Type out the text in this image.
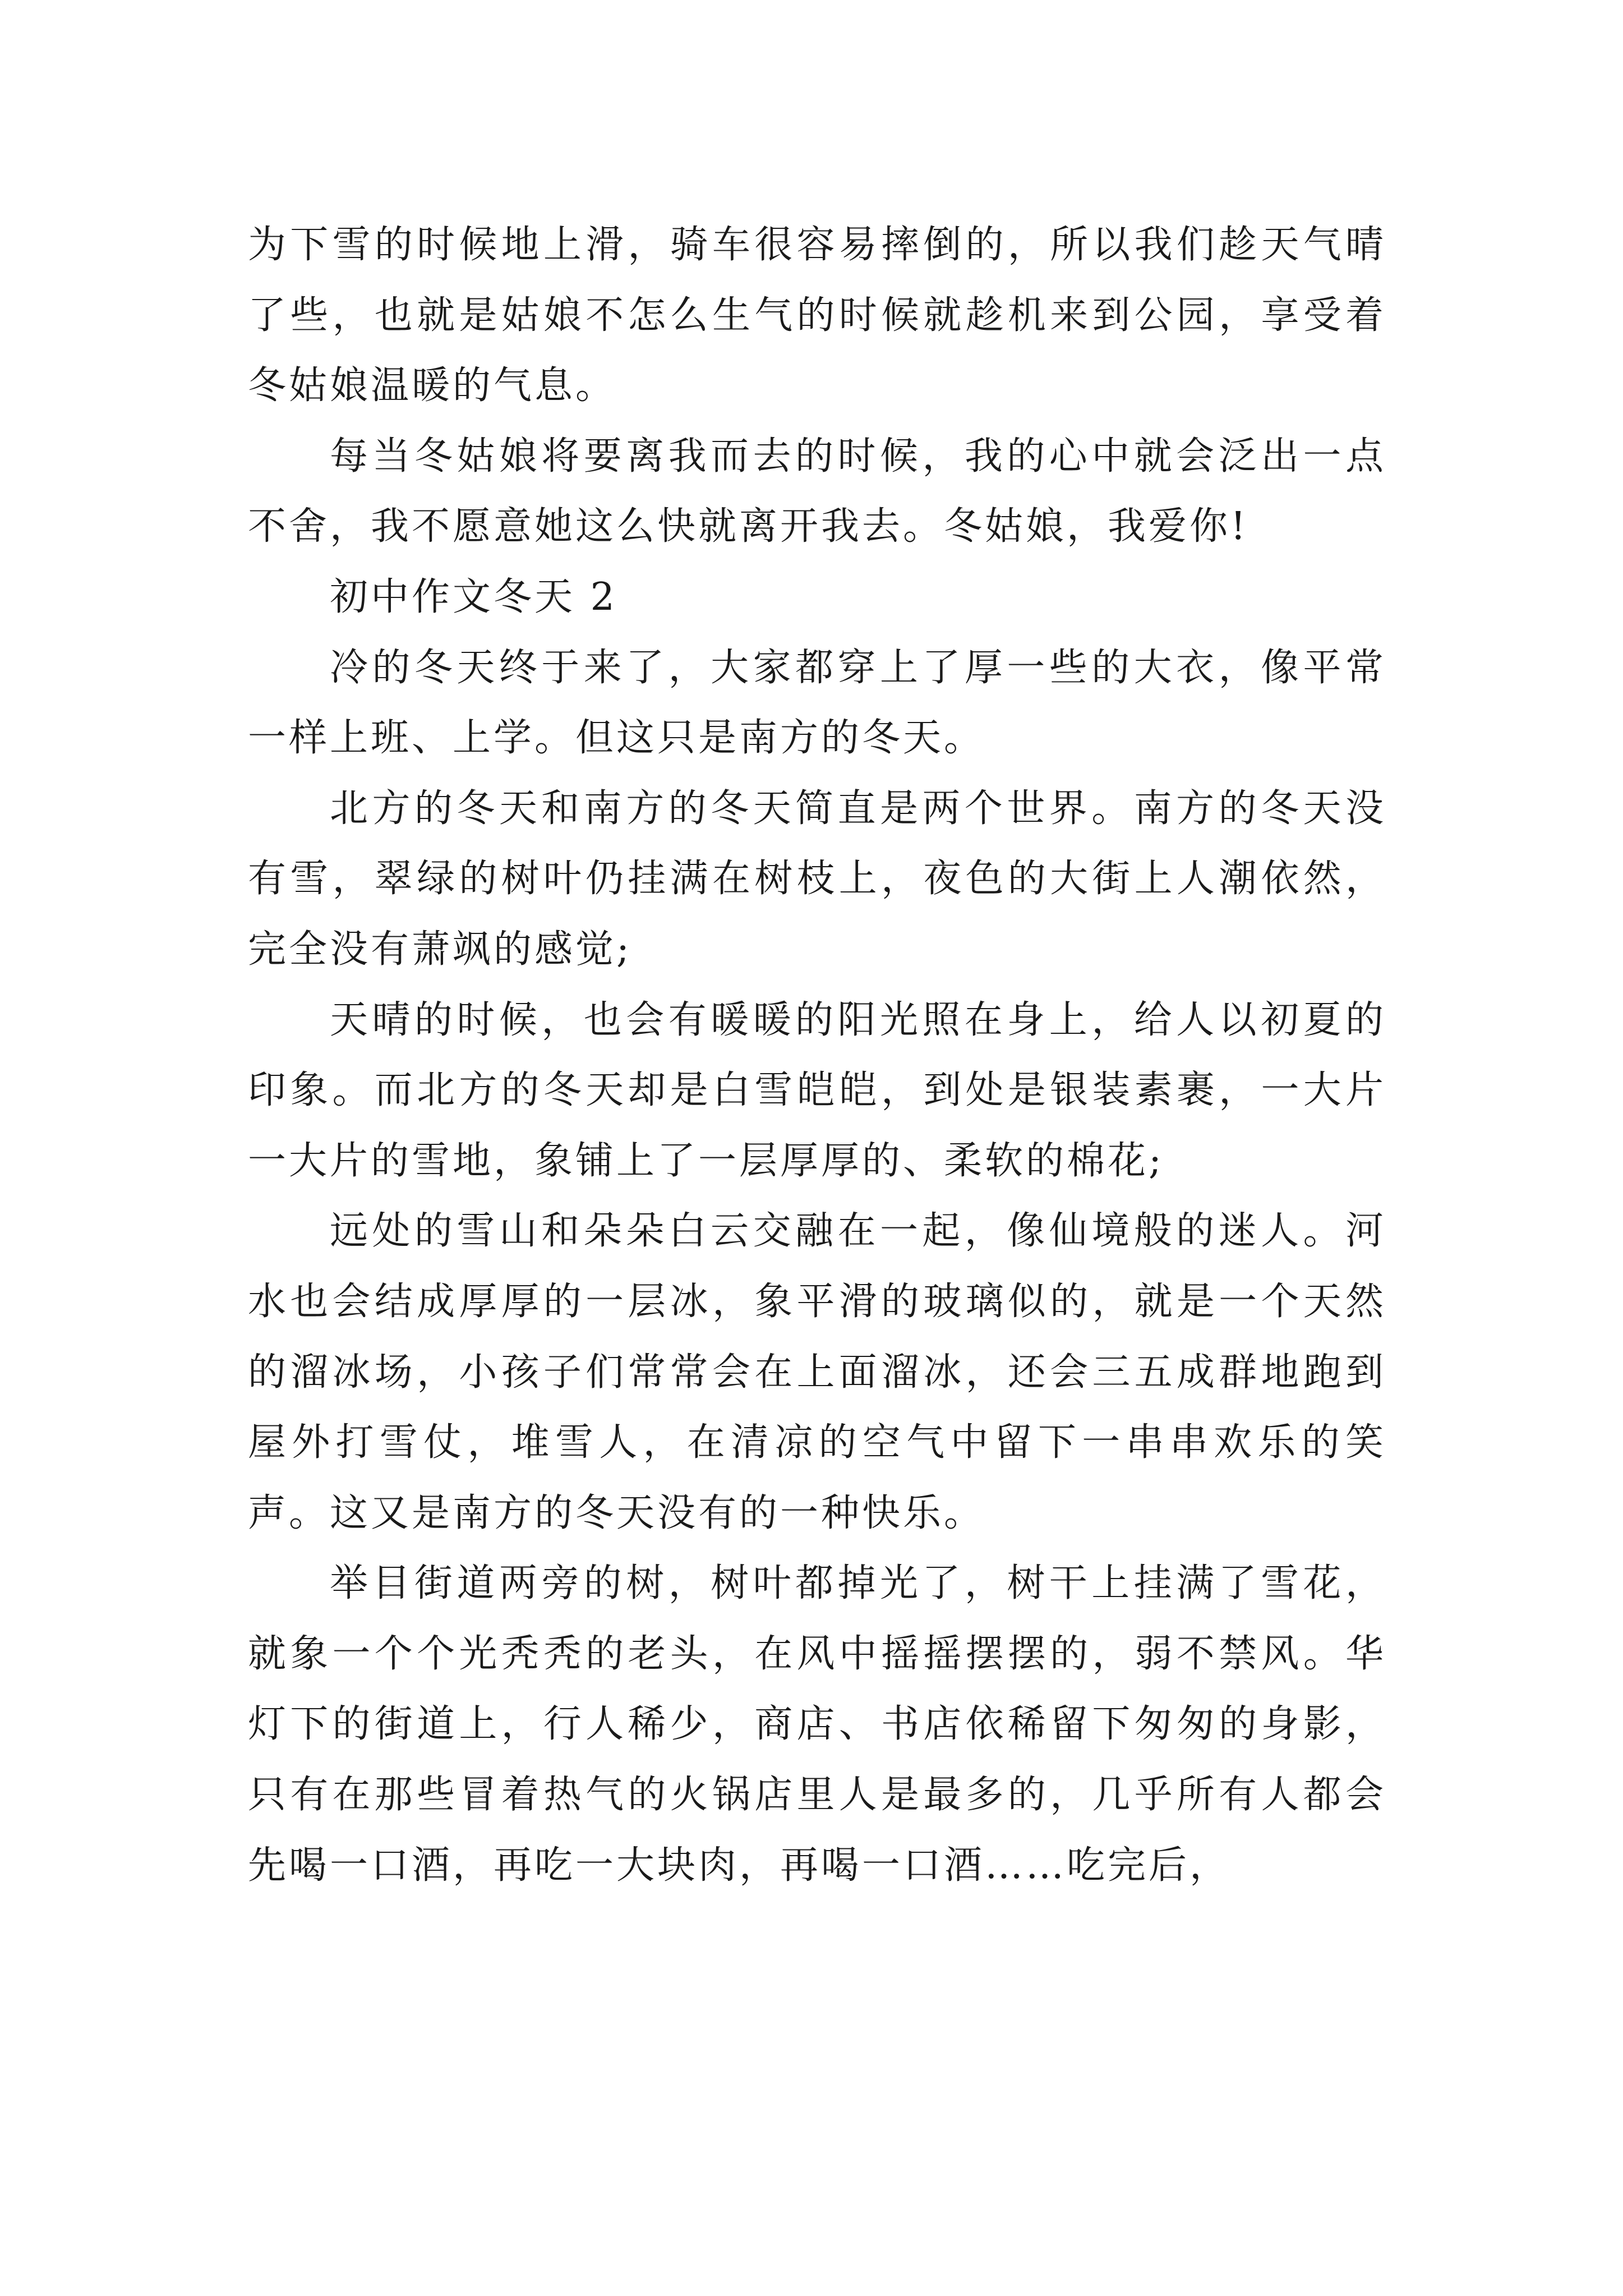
为下雪的时候地上滑，骑车很容易摔倒的，所以我们趁天气晴了些，也就是姑娘不怎么生气的时候就趁机来到公园，享受着冬姑娘温暖的气息。

每当冬姑娘将要离我而去的时候，我的心中就会泛出一点不舍，我不愿意她这么快就离开我去。冬姑娘，我爱你!

初中作文冬天 2

冷的冬天终于来了，大家都穿上了厚一些的大衣，像平常一样上班、上学。但这只是南方的冬天。

北方的冬天和南方的冬天简直是两个世界。南方的冬天没有雪，翠绿的树叶仍挂满在树枝上，夜色的大街上人潮依然，完全没有萧飒的感觉;

天晴的时候，也会有暖暖的阳光照在身上，给人以初夏的印象。而北方的冬天却是白雪皑皑，到处是银装素裹，一大片一大片的雪地，象铺上了一层厚厚的、柔软的棉花;

远处的雪山和朵朵白云交融在一起，像仙境般的迷人。河水也会结成厚厚的一层冰，象平滑的玻璃似的，就是一个天然的溜冰场，小孩子们常常会在上面溜冰，还会三五成群地跑到屋外打雪仗，堆雪人，在清凉的空气中留下一串串欢乐的笑声。这又是南方的冬天没有的一种快乐。

举目街道两旁的树，树叶都掉光了，树干上挂满了雪花，就象一个个光秃秃的老头，在风中摇摇摆摆的，弱不禁风。华灯下的街道上，行人稀少，商店、书店依稀留下匆匆的身影，只有在那些冒着热气的火锅店里人是最多的，几乎所有人都会先喝一口酒，再吃一大块肉，再喝一口酒……吃完后，
